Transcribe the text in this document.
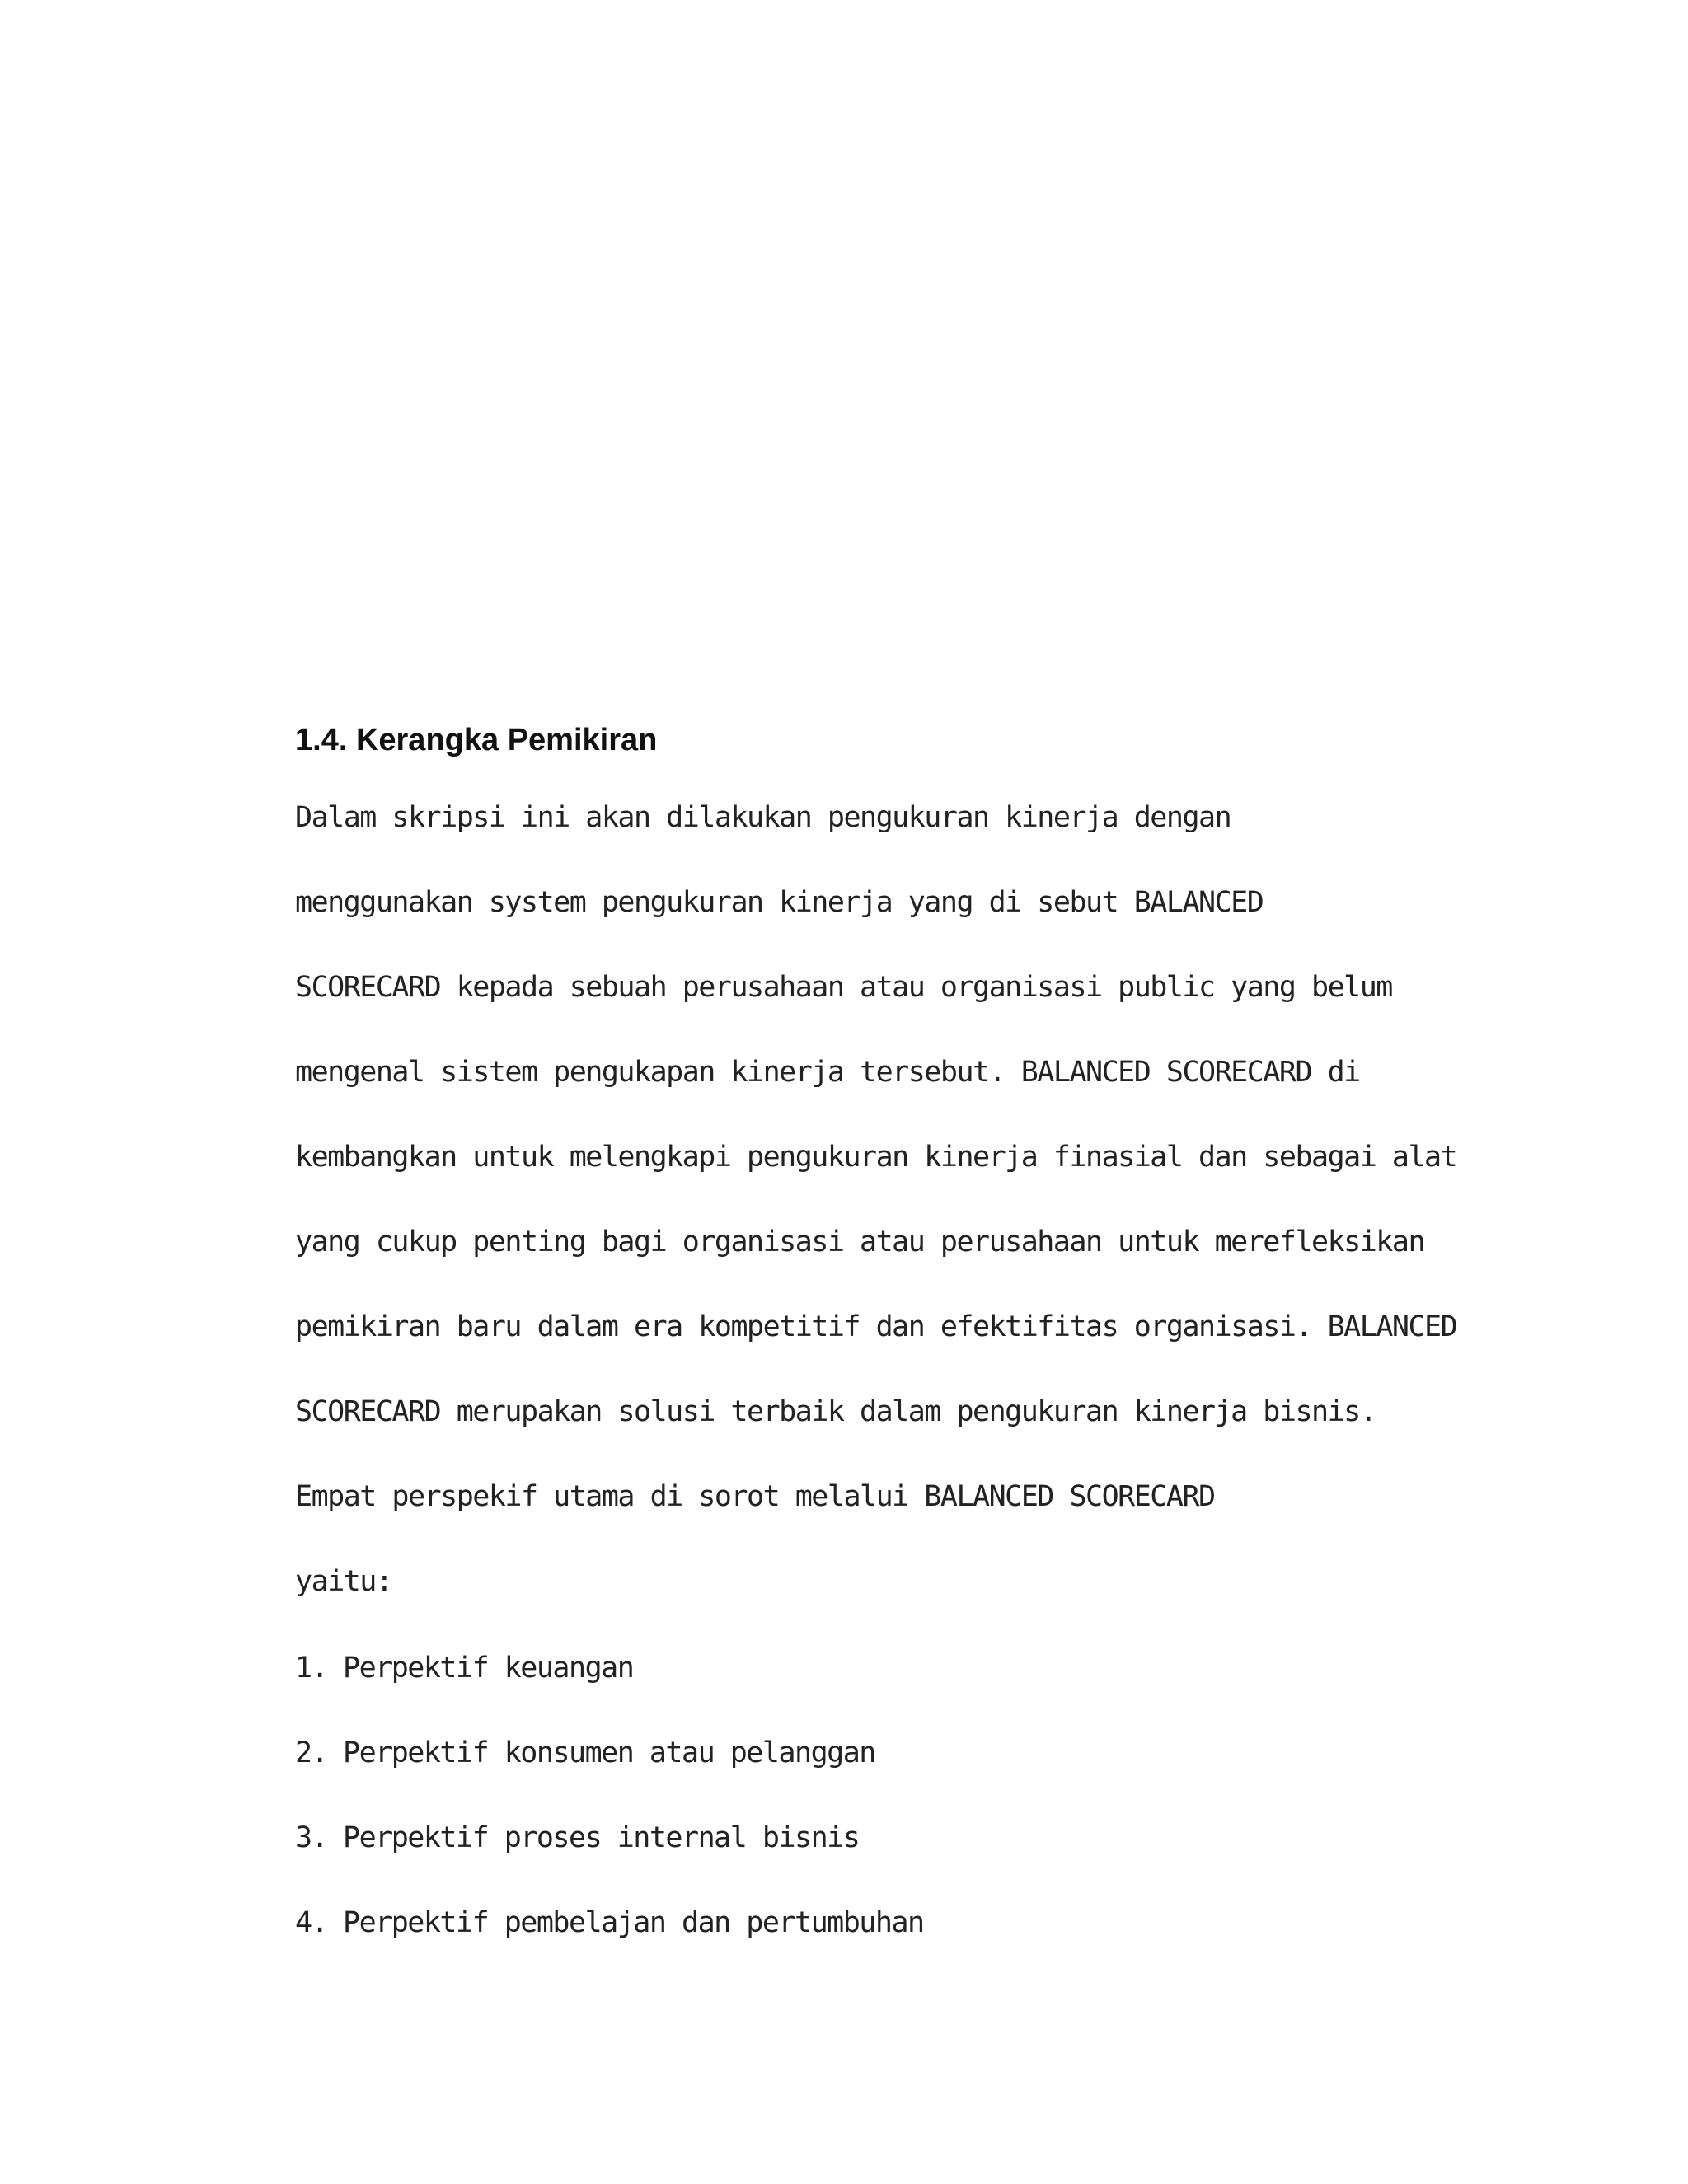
1.4. Kerangka Pemikiran
Dalam skripsi ini akan dilakukan pengukuran kinerja dengan
menggunakan system pengukuran kinerja yang di sebut BALANCED
SCORECARD kepada sebuah perusahaan atau organisasi public yang belum
mengenal sistem pengukapan kinerja tersebut. BALANCED SCORECARD di
kembangkan untuk melengkapi pengukuran kinerja finasial dan sebagai alat
yang cukup penting bagi organisasi atau perusahaan untuk merefleksikan
pemikiran baru dalam era kompetitif dan efektifitas organisasi. BALANCED
SCORECARD merupakan solusi terbaik dalam pengukuran kinerja bisnis.
Empat perspekif utama di sorot melalui BALANCED SCORECARD
yaitu:
1. Perpektif keuangan
2. Perpektif konsumen atau pelanggan
3. Perpektif proses internal bisnis
4. Perpektif pembelajan dan pertumbuhan
